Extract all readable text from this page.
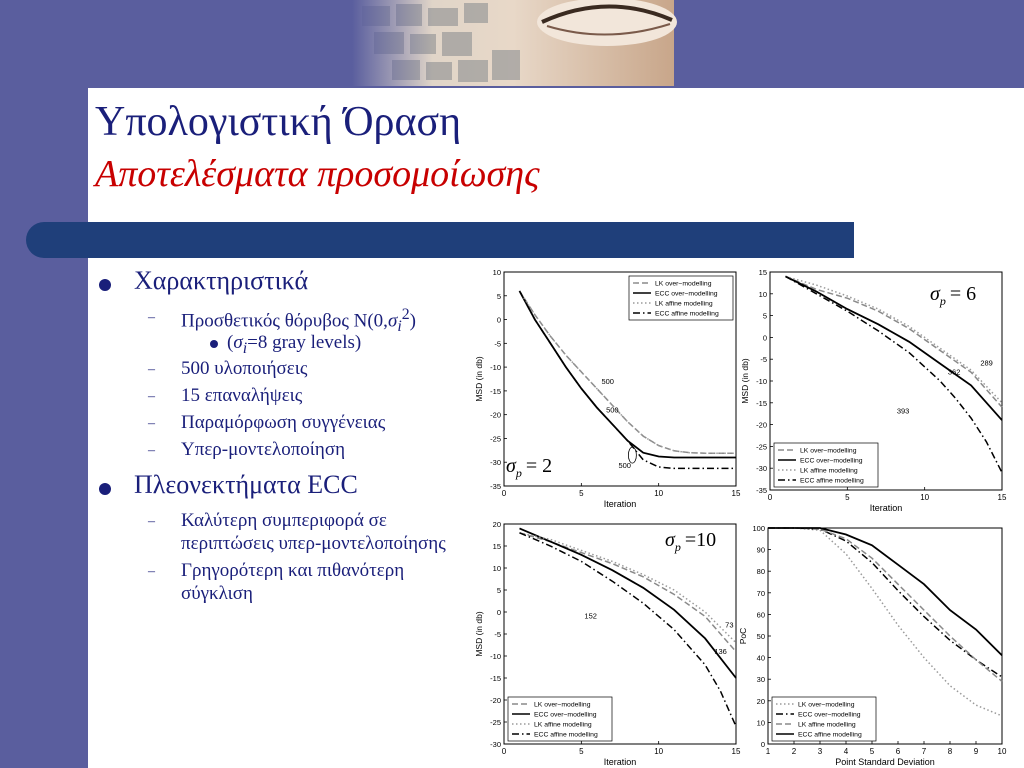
Υπολογιστική Όραση
Αποτελέσματα προσομοίωσης
Χαρακτηριστικά
– Προσθετικός θόρυβος $N(0,\sigma_i^2)$
($\sigma_i=8$ gray levels)
– 500 υλοποιήσεις
– 15 επαναλήψεις
– Παραμόρφωση συγγένειας
– Υπερ-μοντελοποίηση
Πλεονεκτήματα ECC
– Καλύτερη συμπεριφορά σε
περιπτώσεις υπερ-μοντελοποίησης
– Γρηγορότερη και πιθανότερη
σύγκλιση
0	5	10	15
10
5
0
-5
-10
-15
-20
-25
-30
-35
Iteration
MSD (in db)	500
500
500
LK over−modelling
ECC over−modelling
LK affine modelling
ECC affine modelling
$\sigma_p = 2$
0	5	10	15
15
10
5
0
-5
-10
-15
-20
-25
-30
-35
Iteration
MSD (in db)	289
362
393
LK over−modelling
ECC over−modelling
LK affine modelling
ECC affine modelling
$\sigma_p = 6$
0	5	10	15
20
15
10
5
0
-5
-10
-15
-20
-25
-30
Iteration
MSD (in db)	73
136
152
LK over−modelling
ECC over−modelling
LK affine modelling
ECC affine modelling
$\sigma_p =10$
1	2	3	4	5	6	7	8	9 10
100
90
80
70
60
50
40
30
20
10
0
Point Standard Deviation
PoC
LK over−modelling
ECC over−modelling
LK affine modelling
ECC affine modelling
